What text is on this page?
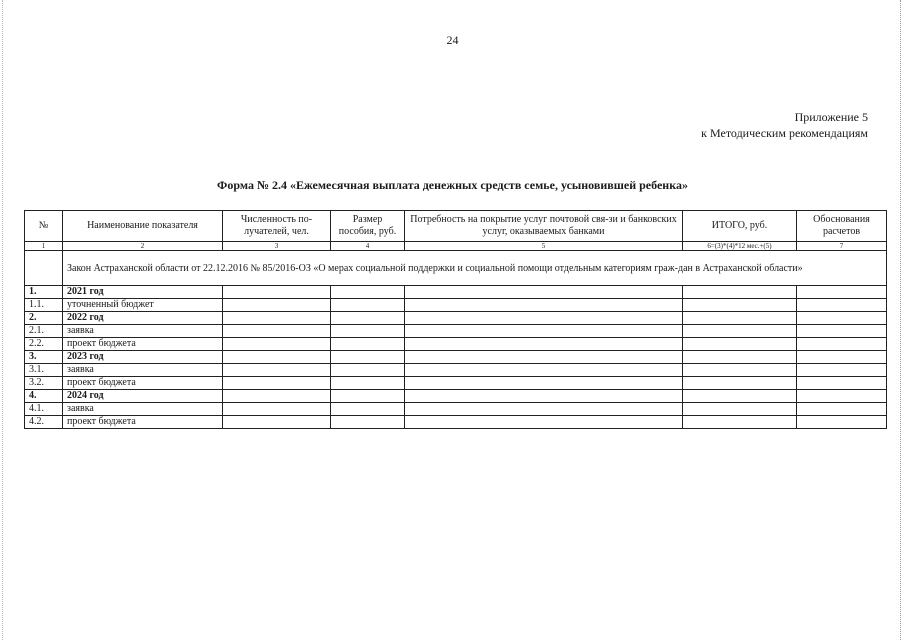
24
Приложение 5
к Методическим рекомендациям
Форма № 2.4 «Ежемесячная выплата денежных средств семье, усыновившей ребенка»
№	Наименование показателя	Численность по-лучателей, чел.	Размер пособия, руб.	Потребность на покрытие услуг почтовой свя-зи и банковских услуг, оказываемых банками	ИТОГО, руб.	Обоснования расчетов
1	2	3	4	5	6=(3)*(4)*12 мес.+(5)	7
	Закон Астраханской области от 22.12.2016 № 85/2016-ОЗ «О мерах социальной поддержки и социальной помощи отдельным категориям граж-дан в Астраханской области»					
1.	2021 год					
1.1.	уточненный бюджет					
2.	2022 год					
2.1.	заявка					
2.2.	проект бюджета					
3.	2023 год					
3.1.	заявка					
3.2.	проект бюджета					
4.	2024 год					
4.1.	заявка					
4.2.	проект бюджета					
